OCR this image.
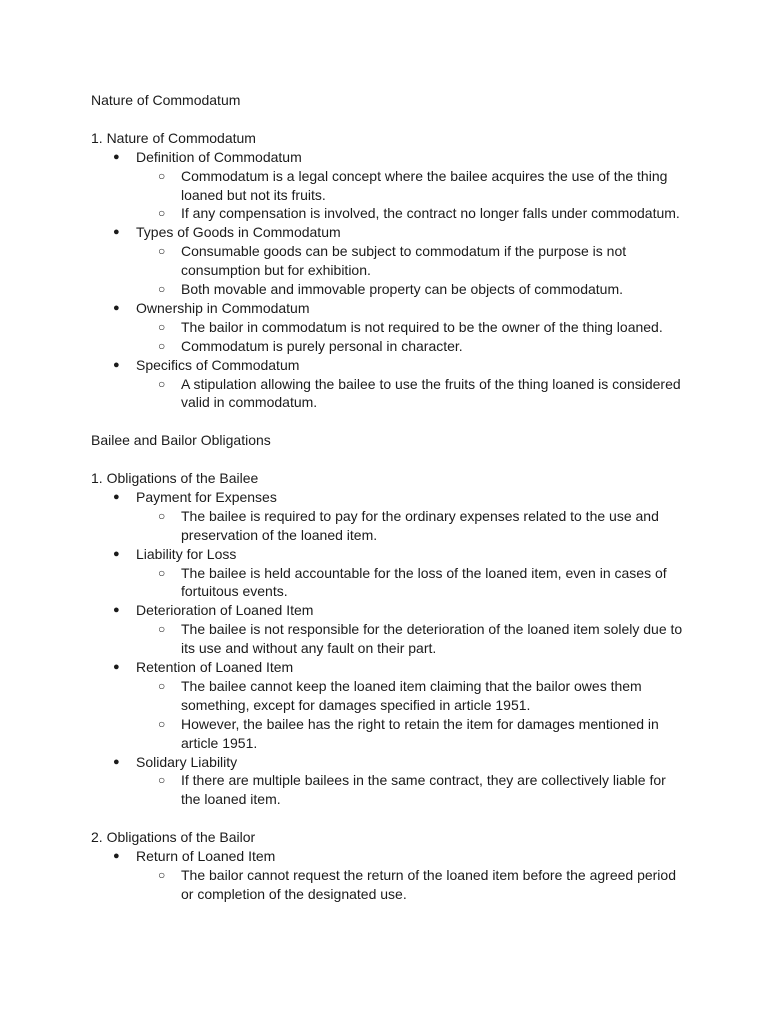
Nature of Commodatum
1. Nature of Commodatum
● Definition of Commodatum
○ Commodatum is a legal concept where the bailee acquires the use of the thing
loaned but not its fruits.
○ If any compensation is involved, the contract no longer falls under commodatum.
● Types of Goods in Commodatum
○ Consumable goods can be subject to commodatum if the purpose is not
consumption but for exhibition.
○ Both movable and immovable property can be objects of commodatum.
● Ownership in Commodatum
○ The bailor in commodatum is not required to be the owner of the thing loaned.
○ Commodatum is purely personal in character.
● Specifics of Commodatum
○ A stipulation allowing the bailee to use the fruits of the thing loaned is considered
valid in commodatum.
Bailee and Bailor Obligations
1. Obligations of the Bailee
● Payment for Expenses
○ The bailee is required to pay for the ordinary expenses related to the use and
preservation of the loaned item.
● Liability for Loss
○ The bailee is held accountable for the loss of the loaned item, even in cases of
fortuitous events.
● Deterioration of Loaned Item
○ The bailee is not responsible for the deterioration of the loaned item solely due to
its use and without any fault on their part.
● Retention of Loaned Item
○ The bailee cannot keep the loaned item claiming that the bailor owes them
something, except for damages specified in article 1951.
○ However, the bailee has the right to retain the item for damages mentioned in
article 1951.
● Solidary Liability
○ If there are multiple bailees in the same contract, they are collectively liable for
the loaned item.
2. Obligations of the Bailor
● Return of Loaned Item
○ The bailor cannot request the return of the loaned item before the agreed period
or completion of the designated use.
